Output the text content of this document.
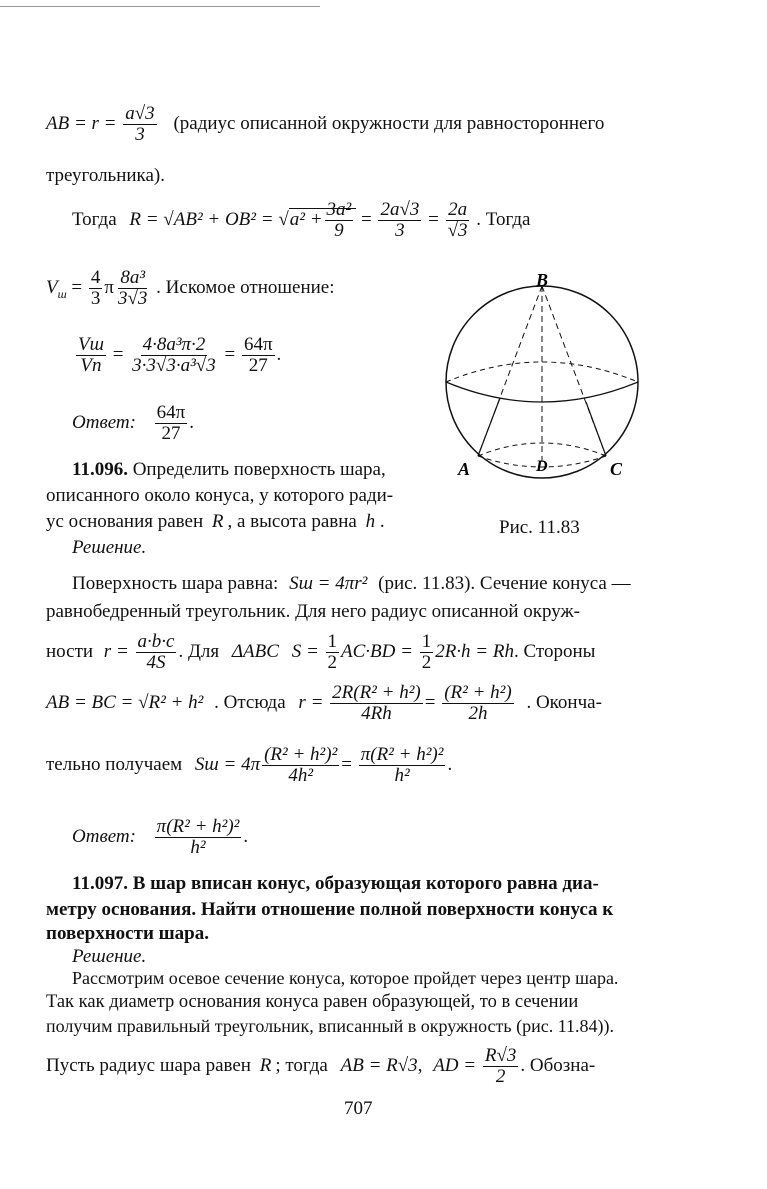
AB = $r = \frac{a√3}{3}$ (радиус описанной окружности для равностороннего
треугольника).
Тогда $R = √AB^2 + OB^2 = √a^2 + \frac{\text{3a²}}{9} = \frac{2a√3}{3} = \frac{2a}{√3}$ . Тогда
$V_ш = \frac{4}{3}$ π $\frac{\text{8a³}}{3√3}$ . Искомое отношение:
$\frac{Vш}{Vп} = \frac{\text{4·8a³π·2}}{\text{3·3√3·a³√3}} = \frac{64\pi}{27}$ .
Ответ: $\frac{64\pi}{27}$ .
11.096. Определить поверхность шара,
описанного около конуса, у которого ради-
ус основания равен R , а высота равна h .
Решение.
B
A	C
D
Рис. 11.83
Поверхность шара равна: Sш = 4πr² (рис. 11.83). Сечение конуса —
равнобедренный треугольник. Для него радиус описанной окруж-
ности $r = \frac{a\cdot b\cdot c}{4S}$ . Для ΔABC $S = \frac{1}{2} AC\cdot BD = \frac{1}{2} 2R\cdot h = Rh$. Стороны
AB = BC = √R² + h² . Отсюда $r = \frac{\text{2R(R² + h²)}}{4Rh} = \frac{\text{(R² + h²)}}{2h}$ . Оконча-
тельно получаем Sш = $4\pi \frac{\text{(R² + h²)²}}{\text{4h²}} = \frac{\text{π(R² + h²)²}}{\text{h²}}$ .
Ответ: $\frac{\text{π(R² + h²)²}}{\text{h²}}$ .
11.097. В шар вписан конус, образующая которого равна диа-
метру основания. Найти отношение полной поверхности конуса к
поверхности шара.
Решение.
Рассмотрим осевое сечение конуса, которое пройдет через центр шара.
Так как диаметр основания конуса равен образующей, то в сечении
получим правильный треугольник, вписанный в окружность (рис. 11.84)).
Пусть радиус шара равен R ; тогда AB = R√3, AD = $\frac{R√3}{2}$ . Обозна-
707
